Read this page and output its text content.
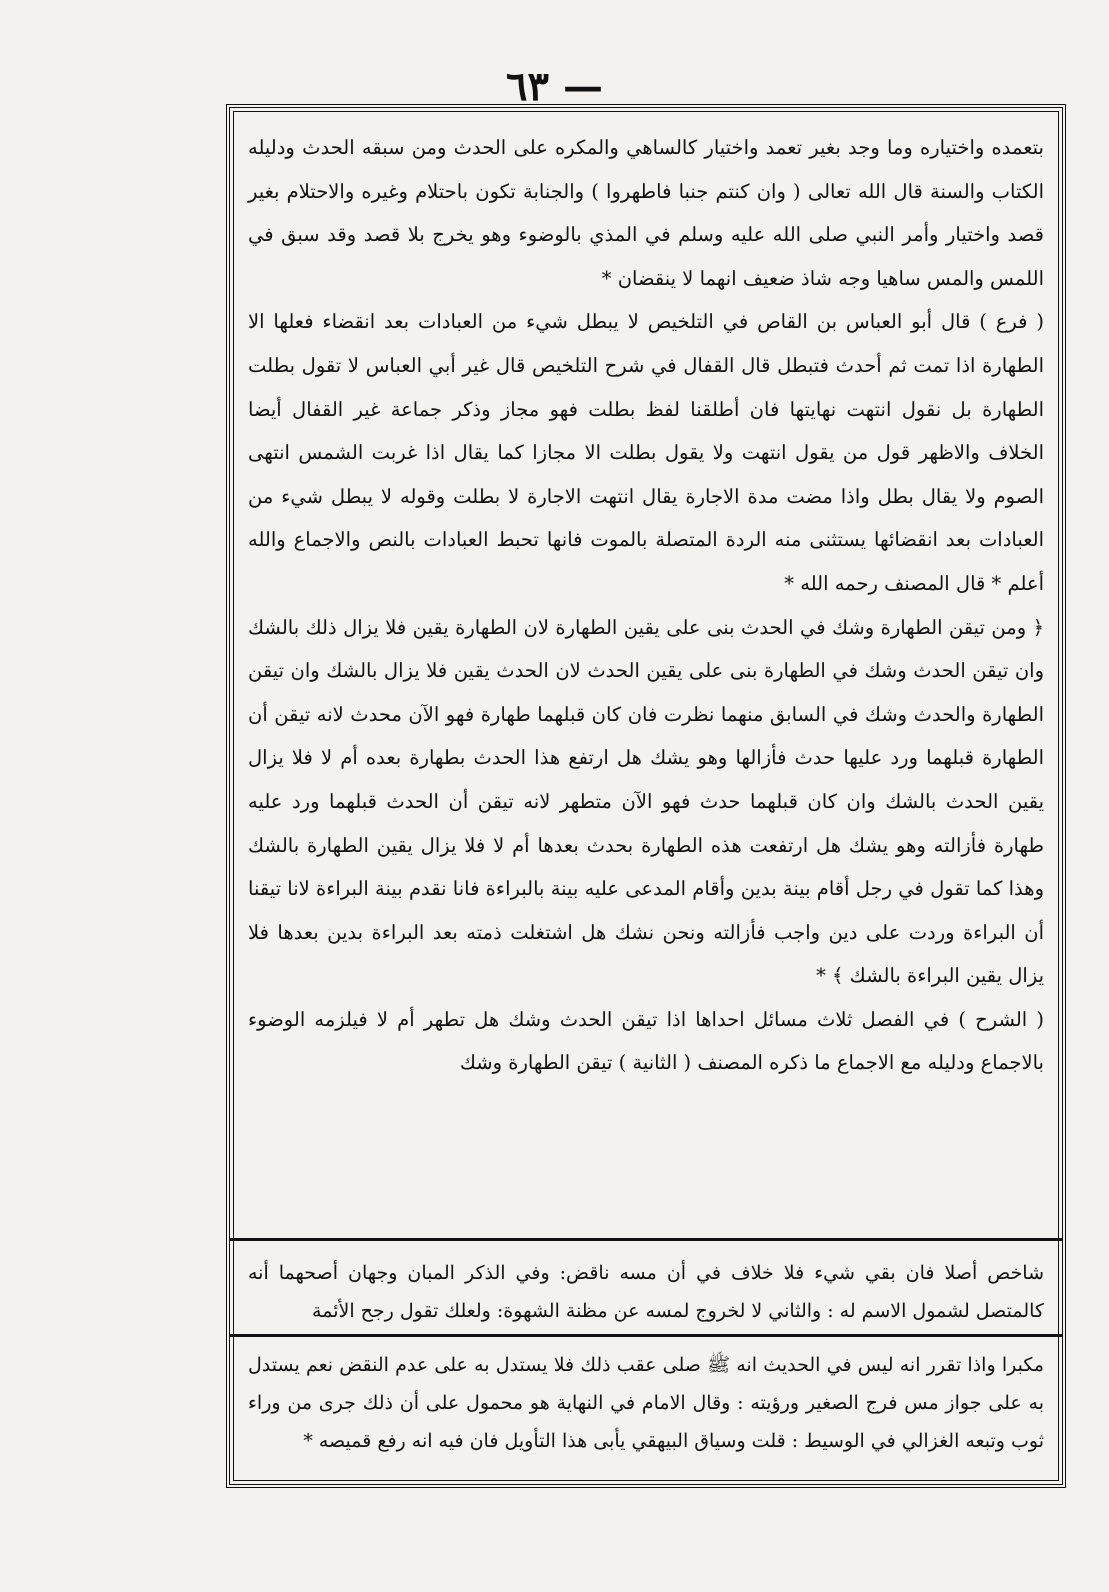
— ٦٣

بتعمده واختياره وما وجد بغير تعمد واختيار كالساهي والمكره على الحدث ومن سبقه الحدث ودليله الكتاب والسنة قال الله تعالى ( وان كنتم جنبا فاطهروا ) والجنابة تكون باحتلام وغيره والاحتلام بغير قصد واختيار وأمر النبي صلى الله عليه وسلم في المذي بالوضوء وهو يخرج بلا قصد وقد سبق في اللمس والمس ساهيا وجه شاذ ضعيف انهما لا ينقضان *

( فرع ) قال أبو العباس بن القاص في التلخيص لا يبطل شيء من العبادات بعد انقضاء فعلها الا الطهارة اذا تمت ثم أحدث فتبطل قال القفال في شرح التلخيص قال غير أبي العباس لا تقول بطلت الطهارة بل نقول انتهت نهايتها فان أطلقنا لفظ بطلت فهو مجاز وذكر جماعة غير القفال أيضا الخلاف والاظهر قول من يقول انتهت ولا يقول بطلت الا مجازا كما يقال اذا غربت الشمس انتهى الصوم ولا يقال بطل واذا مضت مدة الاجارة يقال انتهت الاجارة لا بطلت وقوله لا يبطل شيء من العبادات بعد انقضائها يستثنى منه الردة المتصلة بالموت فانها تحبط العبادات بالنص والاجماع والله أعلم * قال المصنف رحمه الله *

﴿ ومن تيقن الطهارة وشك في الحدث بنى على يقين الطهارة لان الطهارة يقين فلا يزال ذلك بالشك وان تيقن الحدث وشك في الطهارة بنى على يقين الحدث لان الحدث يقين فلا يزال بالشك وان تيقن الطهارة والحدث وشك في السابق منهما نظرت فان كان قبلهما طهارة فهو الآن محدث لانه تيقن أن الطهارة قبلهما ورد عليها حدث فأزالها وهو يشك هل ارتفع هذا الحدث بطهارة بعده أم لا فلا يزال يقين الحدث بالشك وان كان قبلهما حدث فهو الآن متطهر لانه تيقن أن الحدث قبلهما ورد عليه طهارة فأزالته وهو يشك هل ارتفعت هذه الطهارة بحدث بعدها أم لا فلا يزال يقين الطهارة بالشك وهذا كما تقول في رجل أقام بينة بدين وأقام المدعى عليه بينة بالبراءة فانا نقدم بينة البراءة لانا تيقنا أن البراءة وردت على دين واجب فأزالته ونحن نشك هل اشتغلت ذمته بعد البراءة بدين بعدها فلا يزال يقين البراءة بالشك ﴾ *

( الشرح ) في الفصل ثلاث مسائل احداها اذا تيقن الحدث وشك هل تطهر أم لا فيلزمه الوضوء بالاجماع ودليله مع الاجماع ما ذكره المصنف ( الثانية ) تيقن الطهارة وشك

شاخص أصلا فان بقي شيء فلا خلاف في أن مسه ناقض: وفي الذكر المبان وجهان أصحهما أنه كالمتصل لشمول الاسم له : والثاني لا لخروج لمسه عن مظنة الشهوة: ولعلك تقول رجح الأئمة

مكبرا واذا تقرر انه ليس في الحديث انه ﷺ صلى عقب ذلك فلا يستدل به على عدم النقض نعم يستدل به على جواز مس فرج الصغير ورؤيته : وقال الامام في النهاية هو محمول على أن ذلك جرى من وراء ثوب وتبعه الغزالي في الوسيط : قلت وسياق البيهقي يأبى هذا التأويل فان فيه انه رفع قميصه *
